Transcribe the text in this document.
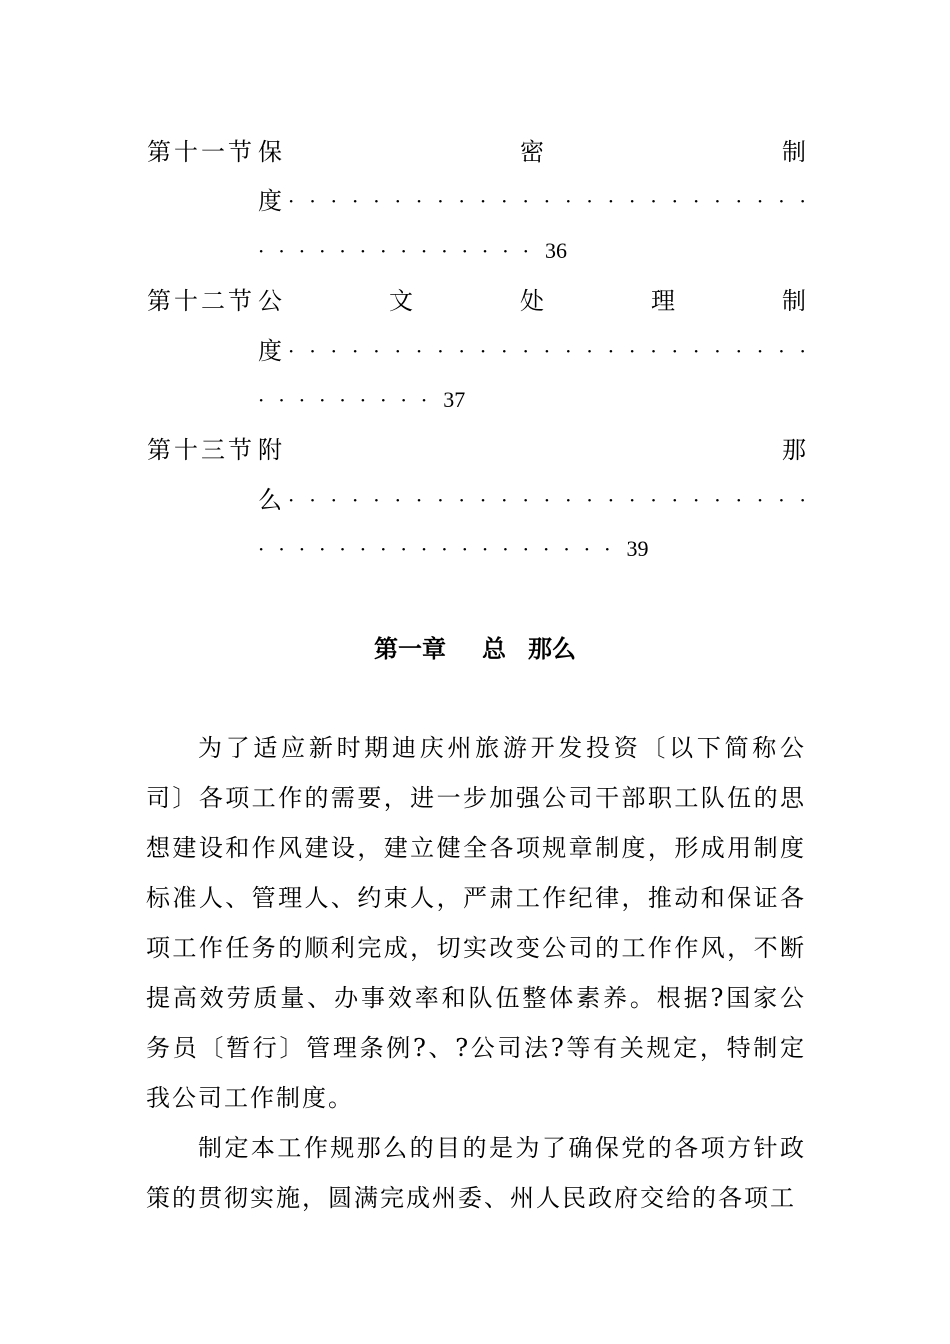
第十一节 保	密	制
度 · · · · · · · · · · · · · · · · · · · · · · · · ·
·············· 36
第十二节 公	文	处	理	制
度 · · · · · · · · · · · · · · · · · · · · · · · · ·
········· 37
第十三节 附	那
么 · · · · · · · · · · · · · · · · · · · · · · · · ·
·················· 39
第一章 总 那么

为了适应新时期迪庆州旅游开发投资〔以下简称公司〕各项工作的需要，进一步加强公司干部职工队伍的思想建设和作风建设，建立健全各项规章制度，形成用制度标准人、管理人、约束人，严肃工作纪律，推动和保证各项工作任务的顺利完成，切实改变公司的工作作风，不断提高效劳质量、办事效率和队伍整体素养。根据?国家公务员〔暂行〕管理条例?、?公司法?等有关规定，特制定我公司工作制度。

制定本工作规那么的目的是为了确保党的各项方针政策的贯彻实施，圆满完成州委、州人民政府交给的各项工
